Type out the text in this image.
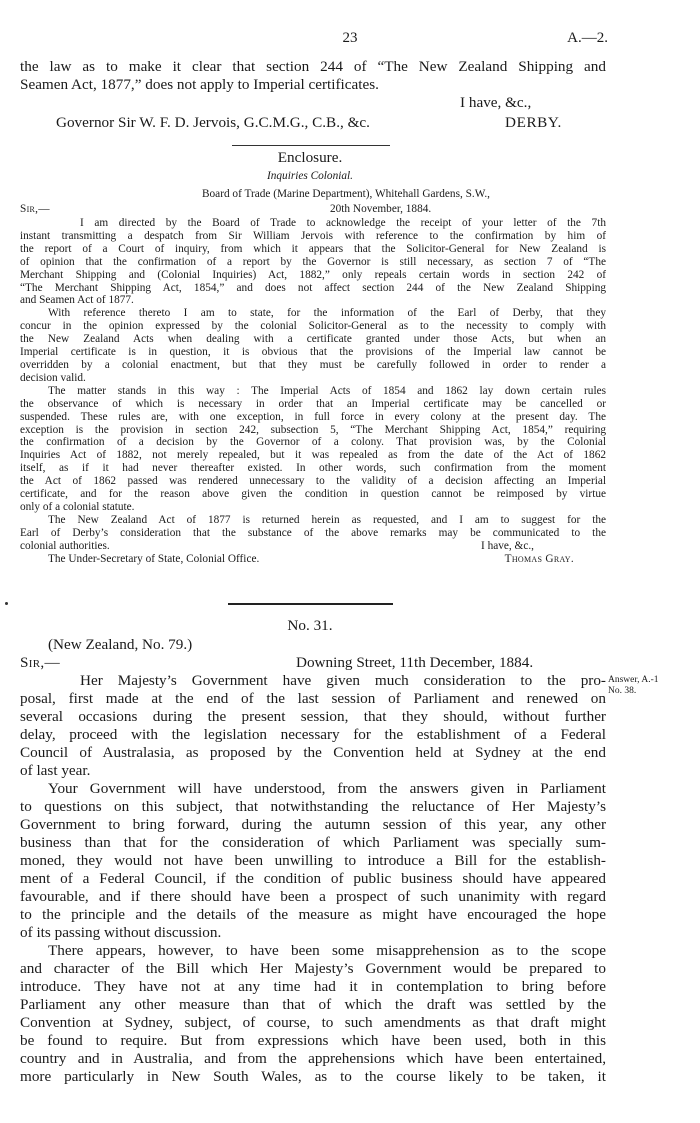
23	A.—2.

the law as to make it clear that section 244 of “The New Zealand Shipping and

Seamen Act, 1877,” does not apply to Imperial certificates.

I have, &c.,
Governor Sir W. F. D. Jervois, G.C.M.G., C.B., &c.	DERBY.
Enclosure.
Inquiries Colonial.
Board of Trade (Marine Department), Whitehall Gardens, S.W.,
Sir,—	20th November, 1884.

I am directed by the Board of Trade to acknowledge the receipt of your letter of the 7th

instant transmitting a despatch from Sir William Jervois with reference to the confirmation by him of

the report of a Court of inquiry, from which it appears that the Solicitor-General for New Zealand is

of opinion that the confirmation of a report by the Governor is still necessary, as section 7 of “The

Merchant Shipping and (Colonial Inquiries) Act, 1882,” only repeals certain words in section 242 of

“The Merchant Shipping Act, 1854,” and does not affect section 244 of the New Zealand Shipping

and Seamen Act of 1877.

With reference thereto I am to state, for the information of the Earl of Derby, that they

concur in the opinion expressed by the colonial Solicitor-General as to the necessity to comply with

the New Zealand Acts when dealing with a certificate granted under those Acts, but when an

Imperial certificate is in question, it is obvious that the provisions of the Imperial law cannot be

overridden by a colonial enactment, but that they must be carefully followed in order to render a

decision valid.

The matter stands in this way : The Imperial Acts of 1854 and 1862 lay down certain rules

the observance of which is necessary in order that an Imperial certificate may be cancelled or

suspended. These rules are, with one exception, in full force in every colony at the present day. The

exception is the provision in section 242, subsection 5, “The Merchant Shipping Act, 1854,” requiring

the confirmation of a decision by the Governor of a colony. That provision was, by the Colonial

Inquiries Act of 1882, not merely repealed, but it was repealed as from the date of the Act of 1862

itself, as if it had never thereafter existed. In other words, such confirmation from the moment

the Act of 1862 passed was rendered unnecessary to the validity of a decision affecting an Imperial

certificate, and for the reason above given the condition in question cannot be reimposed by virtue

only of a colonial statute.

The New Zealand Act of 1877 is returned herein as requested, and I am to suggest for the

Earl of Derby’s consideration that the substance of the above remarks may be communicated to the

colonial authorities.	I have, &c.,
The Under-Secretary of State, Colonial Office.	Thomas Gray.
No. 31.
(New Zealand, No. 79.)
Sir,—	Downing Street, 11th December, 1884.
Answer, A.-1
No. 38.

Her Majesty’s Government have given much consideration to the pro-

posal, first made at the end of the last session of Parliament and renewed on

several occasions during the present session, that they should, without further

delay, proceed with the legislation necessary for the establishment of a Federal

Council of Australasia, as proposed by the Convention held at Sydney at the end

of last year.

Your Government will have understood, from the answers given in Parliament

to questions on this subject, that notwithstanding the reluctance of Her Majesty’s

Government to bring forward, during the autumn session of this year, any other

business than that for the consideration of which Parliament was specially sum-

moned, they would not have been unwilling to introduce a Bill for the establish-

ment of a Federal Council, if the condition of public business should have appeared

favourable, and if there should have been a prospect of such unanimity with regard

to the principle and the details of the measure as might have encouraged the hope

of its passing without discussion.

There appears, however, to have been some misapprehension as to the scope

and character of the Bill which Her Majesty’s Government would be prepared to

introduce. They have not at any time had it in contemplation to bring before

Parliament any other measure than that of which the draft was settled by the

Convention at Sydney, subject, of course, to such amendments as that draft might

be found to require. But from expressions which have been used, both in this

country and in Australia, and from the apprehensions which have been entertained,

more particularly in New South Wales, as to the course likely to be taken, it
